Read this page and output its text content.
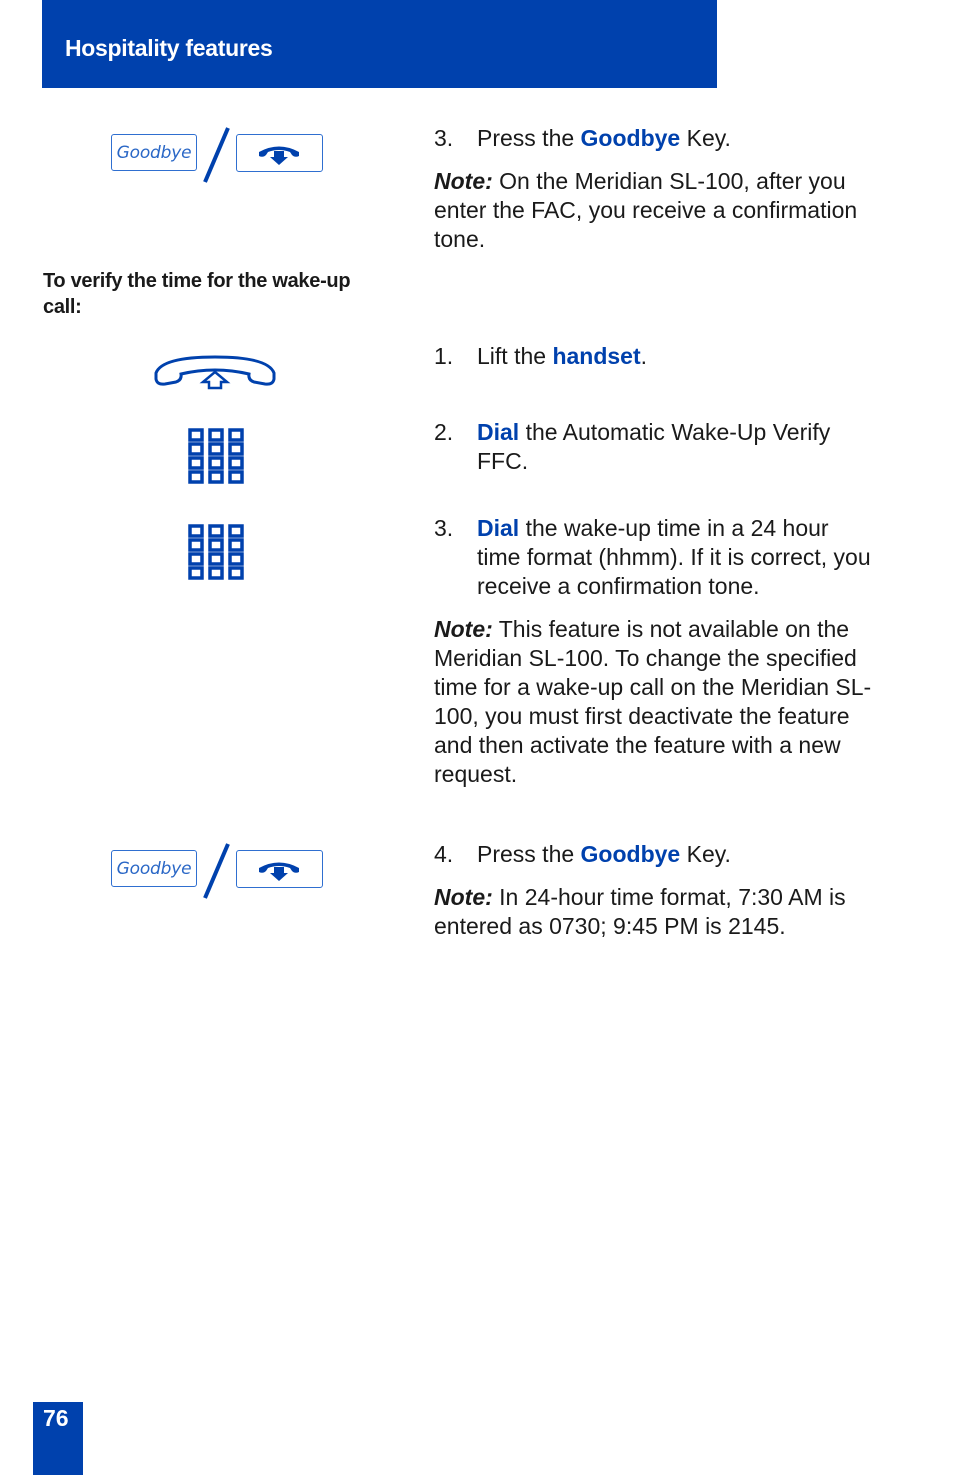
Hospitality features
Goodbye
3. Press the Goodbye Key.
Note: On the Meridian SL-100, after you enter the FAC, you receive a confirmation tone.
To verify the time for the wake-up call:
1. Lift the handset.
2. Dial the Automatic Wake-Up Verify FFC.
3. Dial the wake-up time in a 24 hour time format (hhmm). If it is correct, you receive a confirmation tone.
Note: This feature is not available on the Meridian SL-100. To change the specified time for a wake-up call on the Meridian SL-100, you must first deactivate the feature and then activate the feature with a new request.
Goodbye
4. Press the Goodbye Key.
Note: In 24-hour time format, 7:30 AM is entered as 0730; 9:45 PM is 2145.
76
